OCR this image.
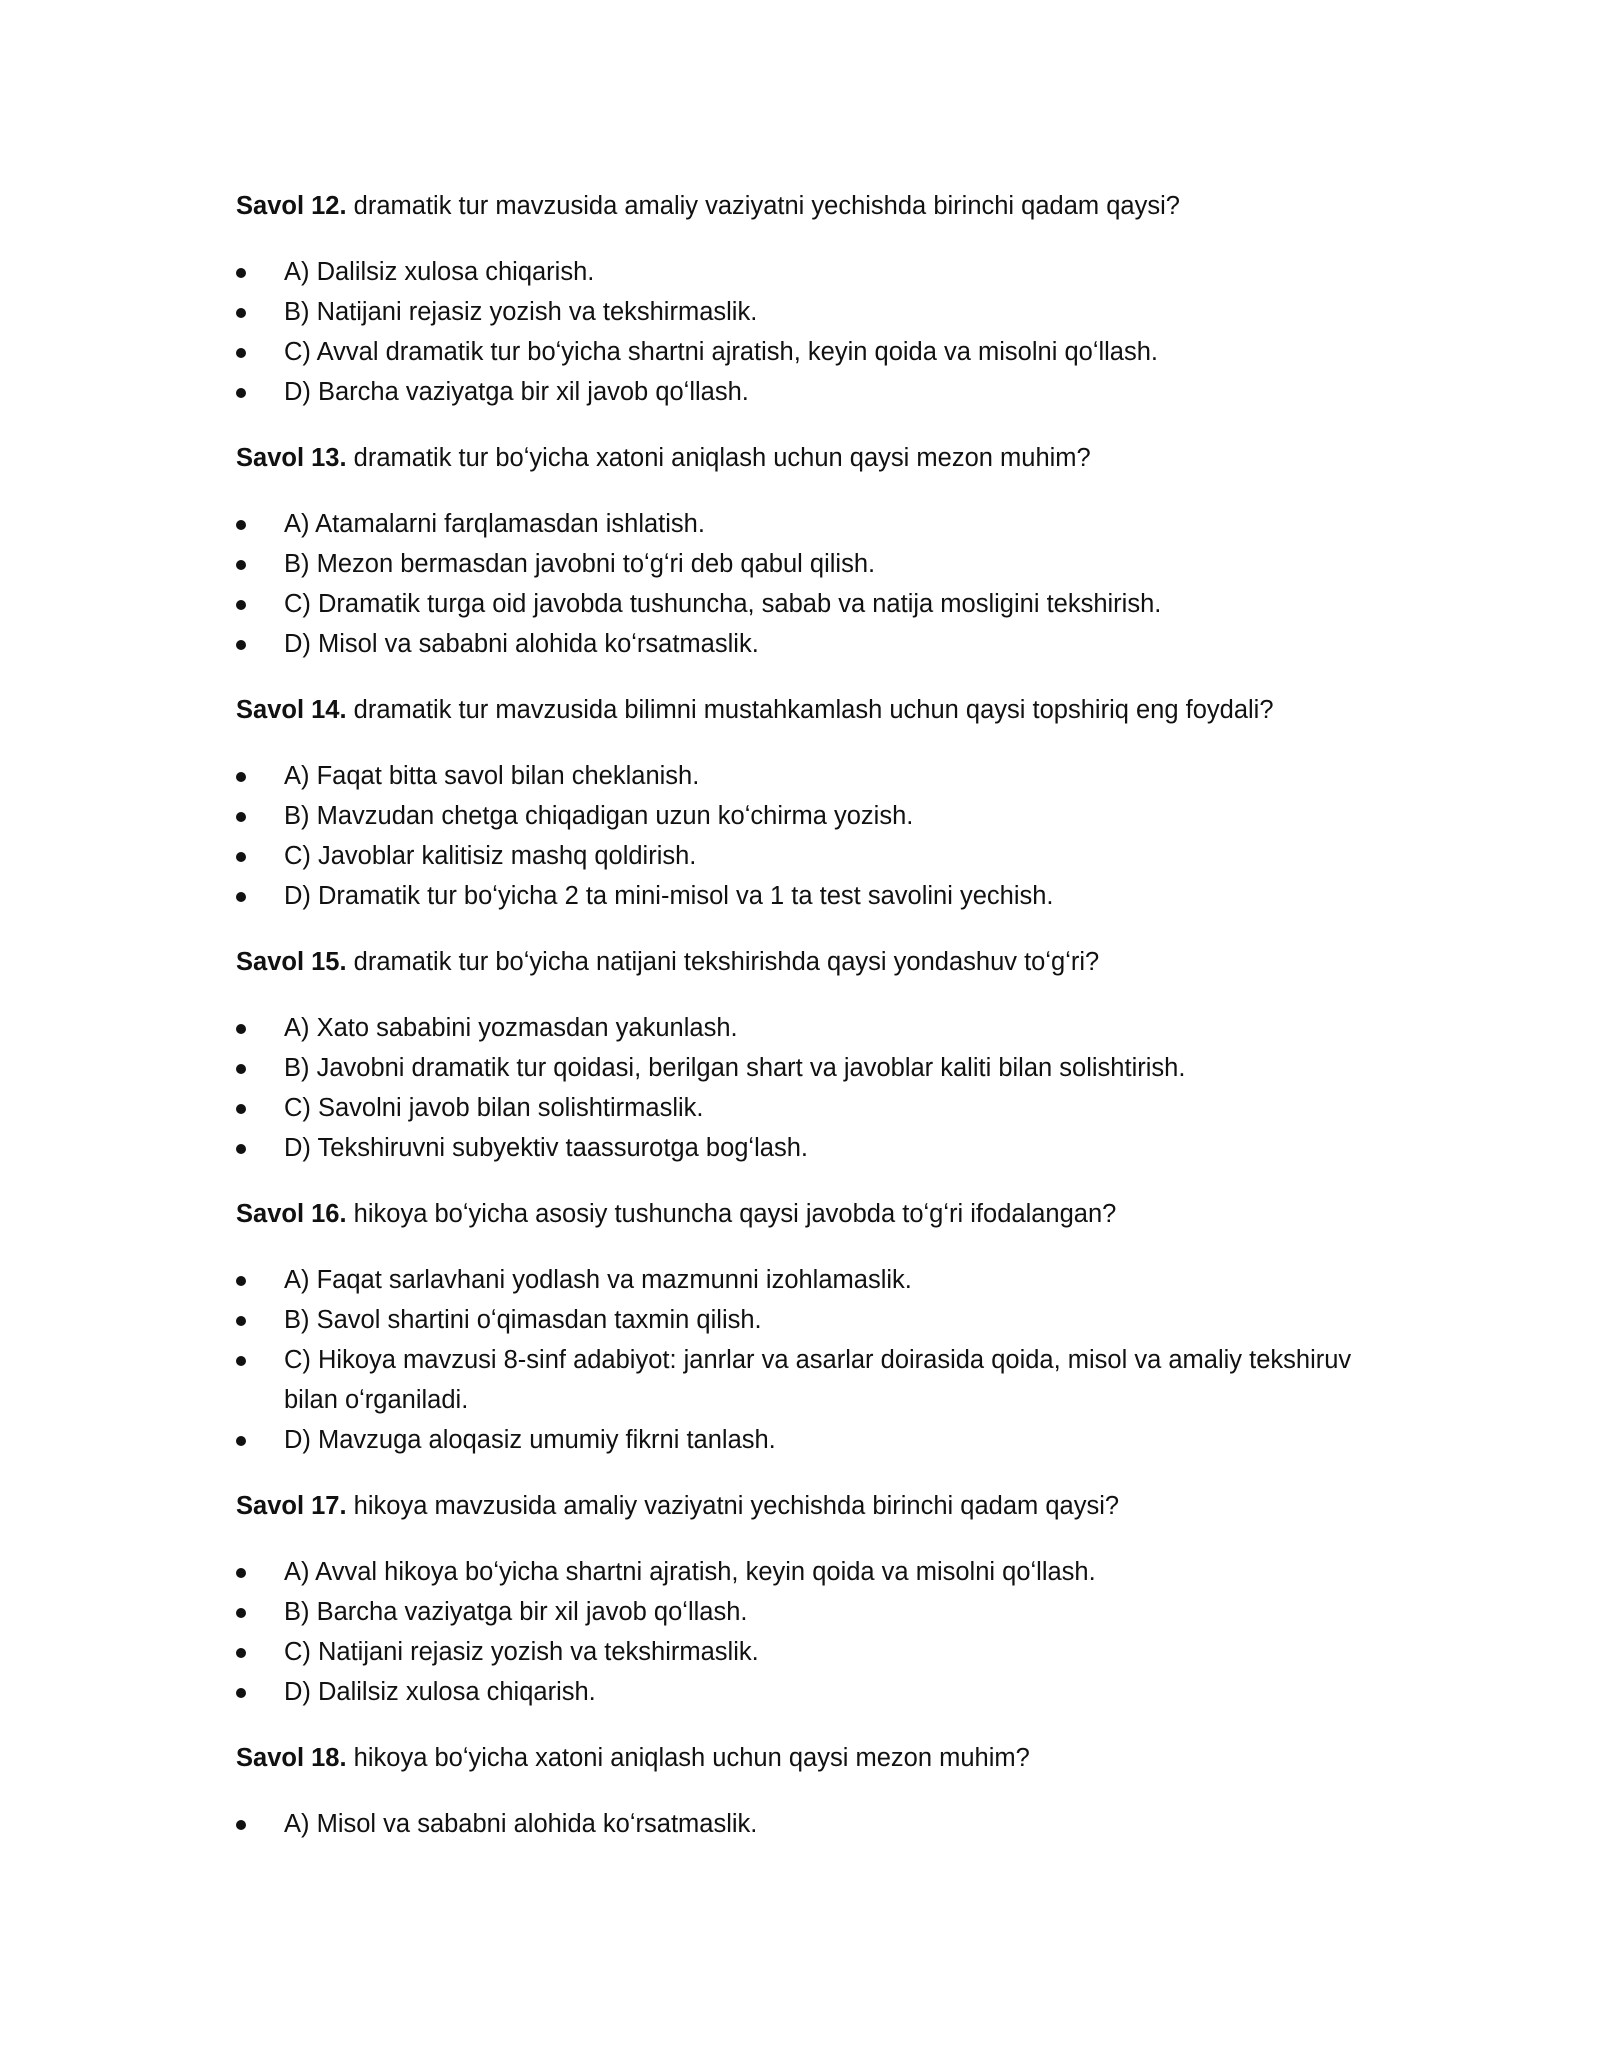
Savol 12. dramatik tur mavzusida amaliy vaziyatni yechishda birinchi qadam qaysi?

A) Dalilsiz xulosa chiqarish.
B) Natijani rejasiz yozish va tekshirmaslik.
C) Avval dramatik tur boʻyicha shartni ajratish, keyin qoida va misolni qoʻllash.
D) Barcha vaziyatga bir xil javob qoʻllash.

Savol 13. dramatik tur boʻyicha xatoni aniqlash uchun qaysi mezon muhim?

A) Atamalarni farqlamasdan ishlatish.
B) Mezon bermasdan javobni toʻgʻri deb qabul qilish.
C) Dramatik turga oid javobda tushuncha, sabab va natija mosligini tekshirish.
D) Misol va sababni alohida koʻrsatmaslik.

Savol 14. dramatik tur mavzusida bilimni mustahkamlash uchun qaysi topshiriq eng foydali?

A) Faqat bitta savol bilan cheklanish.
B) Mavzudan chetga chiqadigan uzun koʻchirma yozish.
C) Javoblar kalitisiz mashq qoldirish.
D) Dramatik tur boʻyicha 2 ta mini-misol va 1 ta test savolini yechish.

Savol 15. dramatik tur boʻyicha natijani tekshirishda qaysi yondashuv toʻgʻri?

A) Xato sababini yozmasdan yakunlash.
B) Javobni dramatik tur qoidasi, berilgan shart va javoblar kaliti bilan solishtirish.
C) Savolni javob bilan solishtirmaslik.
D) Tekshiruvni subyektiv taassurotga bogʻlash.

Savol 16. hikoya boʻyicha asosiy tushuncha qaysi javobda toʻgʻri ifodalangan?

A) Faqat sarlavhani yodlash va mazmunni izohlamaslik.
B) Savol shartini oʻqimasdan taxmin qilish.
C) Hikoya mavzusi 8-sinf adabiyot: janrlar va asarlar doirasida qoida, misol va amaliy tekshiruv bilan oʻrganiladi.
D) Mavzuga aloqasiz umumiy fikrni tanlash.

Savol 17. hikoya mavzusida amaliy vaziyatni yechishda birinchi qadam qaysi?

A) Avval hikoya boʻyicha shartni ajratish, keyin qoida va misolni qoʻllash.
B) Barcha vaziyatga bir xil javob qoʻllash.
C) Natijani rejasiz yozish va tekshirmaslik.
D) Dalilsiz xulosa chiqarish.

Savol 18. hikoya boʻyicha xatoni aniqlash uchun qaysi mezon muhim?

A) Misol va sababni alohida koʻrsatmaslik.
